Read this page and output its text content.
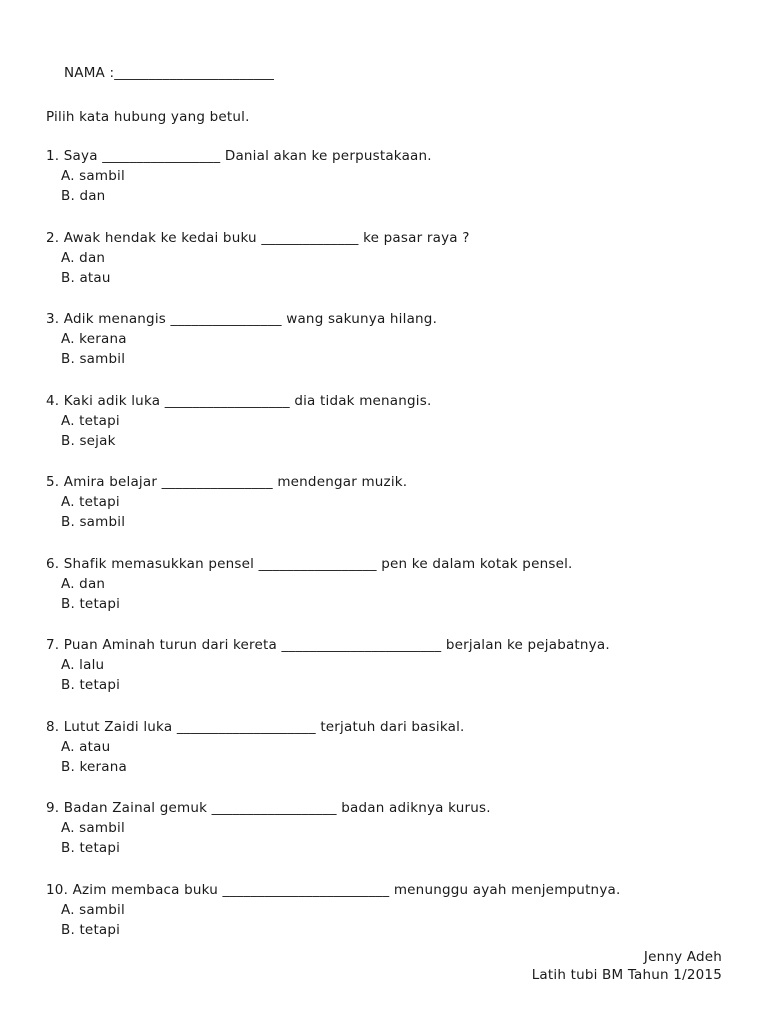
NAMA :_______________________

Pilih kata hubung yang betul.
1. Saya _________________ Danial akan ke perpustakaan.
A. sambil
B. dan
2. Awak hendak ke kedai buku ______________ ke pasar raya ?
A. dan
B. atau
3. Adik menangis ________________ wang sakunya hilang.
A. kerana
B. sambil
4. Kaki adik luka __________________ dia tidak menangis.
A. tetapi
B. sejak
5. Amira belajar ________________ mendengar muzik.
A. tetapi
B. sambil
6. Shafik memasukkan pensel _________________ pen ke dalam kotak pensel.
A. dan
B. tetapi
7. Puan Aminah turun dari kereta _______________________ berjalan ke pejabatnya.
A. lalu
B. tetapi
8. Lutut Zaidi luka ____________________ terjatuh dari basikal.
A. atau
B. kerana
9. Badan Zainal gemuk __________________ badan adiknya kurus.
A. sambil
B. tetapi
10. Azim membaca buku ________________________ menunggu ayah menjemputnya.
A. sambil
B. tetapi
Jenny Adeh
Latih tubi BM Tahun 1/2015
